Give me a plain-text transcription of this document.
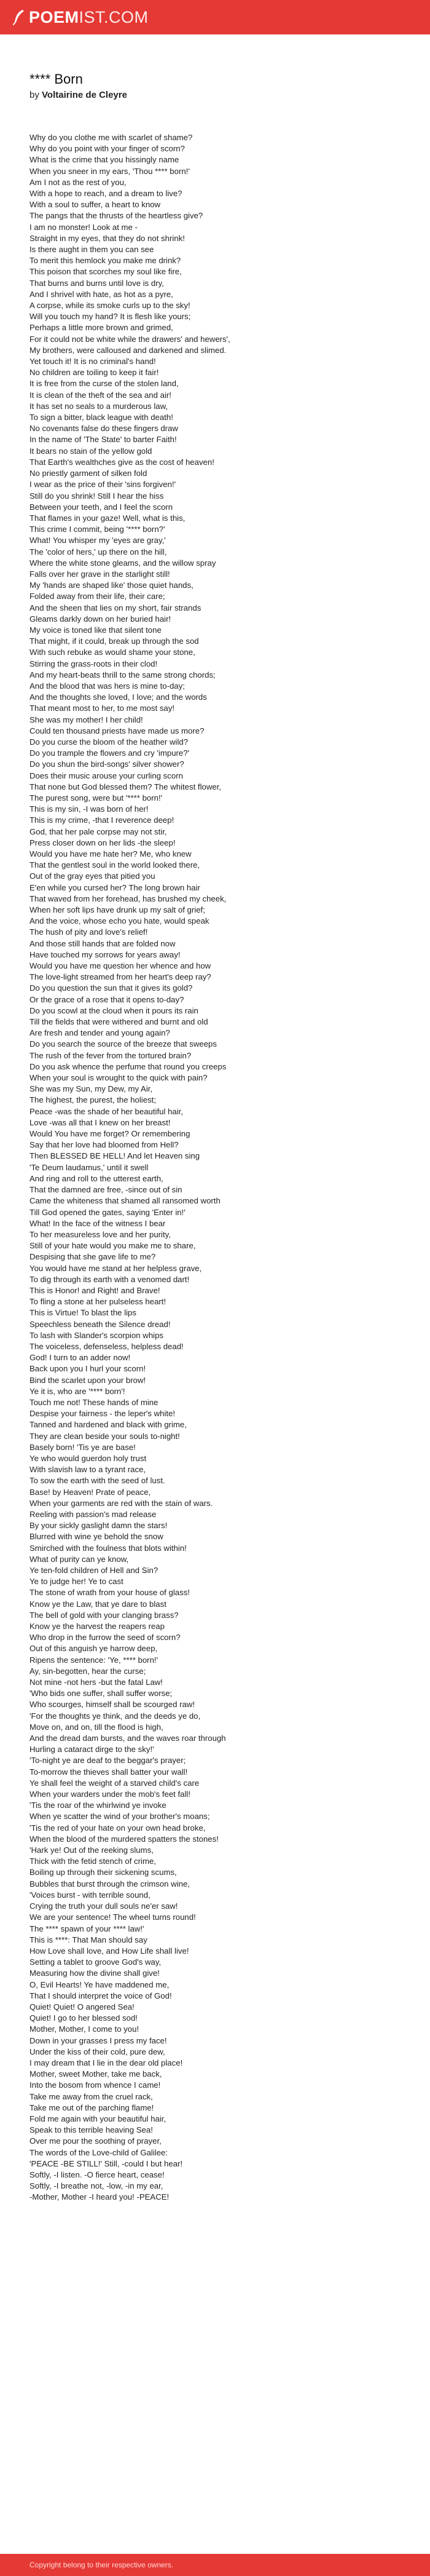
POEMIST.COM
**** Born
by Voltairine de Cleyre
Why do you clothe me with scarlet of shame?
Why do you point with your finger of scorn?
What is the crime that you hissingly name
When you sneer in my ears, 'Thou **** born!'
Am I not as the rest of you,
With a hope to reach, and a dream to live?
With a soul to suffer, a heart to know
The pangs that the thrusts of the heartless give?
I am no monster! Look at me -
Straight in my eyes, that they do not shrink!
Is there aught in them you can see
To merit this hemlock you make me drink?
This poison that scorches my soul like fire,
That burns and burns until love is dry,
And I shrivel with hate, as hot as a pyre,
A corpse, while its smoke curls up to the sky!
Will you touch my hand? It is flesh like yours;
Perhaps a little more brown and grimed,
For it could not be white while the drawers' and hewers',
My brothers, were calloused and darkened and slimed.
Yet touch it! It is no criminal's hand!
No children are toiling to keep it fair!
It is free from the curse of the stolen land,
It is clean of the theft of the sea and air!
It has set no seals to a murderous law,
To sign a bitter, black league with death!
No covenants false do these fingers draw
In the name of 'The State' to barter Faith!
It bears no stain of the yellow gold
That Earth's wealthches give as the cost of heaven!
No priestly garment of silken fold
I wear as the price of their 'sins forgiven!'
Still do you shrink! Still I hear the hiss
Between your teeth, and I feel the scorn
That flames in your gaze! Well, what is this,
This crime I commit, being '**** born?'
What! You whisper my 'eyes are gray,'
The 'color of hers,' up there on the hill,
Where the white stone gleams, and the willow spray
Falls over her grave in the starlight still!
My 'hands are shaped like' those quiet hands,
Folded away from their life, their care;
And the sheen that lies on my short, fair strands
Gleams darkly down on her buried hair!
My voice is toned like that silent tone
That might, if it could, break up through the sod
With such rebuke as would shame your stone,
Stirring the grass-roots in their clod!
And my heart-beats thrill to the same strong chords;
And the blood that was hers is mine to-day;
And the thoughts she loved, I love; and the words
That meant most to her, to me most say!
She was my mother! I her child!
Could ten thousand priests have made us more?
Do you curse the bloom of the heather wild?
Do you trample the flowers and cry 'impure?'
Do you shun the bird-songs' silver shower?
Does their music arouse your curling scorn
That none but God blessed them? The whitest flower,
The purest song, were but '**** born!'
This is my sin, -I was born of her!
This is my crime, -that I reverence deep!
God, that her pale corpse may not stir,
Press closer down on her lids -the sleep!
Would you have me hate her? Me, who knew
That the gentlest soul in the world looked there,
Out of the gray eyes that pitied you
E'en while you cursed her? The long brown hair
That waved from her forehead, has brushed my cheek,
When her soft lips have drunk up my salt of grief;
And the voice, whose echo you hate, would speak
The hush of pity and love's relief!
And those still hands that are folded now
Have touched my sorrows for years away!
Would you have me question her whence and how
The love-light streamed from her heart's deep ray?
Do you question the sun that it gives its gold?
Or the grace of a rose that it opens to-day?
Do you scowl at the cloud when it pours its rain
Till the fields that were withered and burnt and old
Are fresh and tender and young again?
Do you search the source of the breeze that sweeps
The rush of the fever from the tortured brain?
Do you ask whence the perfume that round you creeps
When your soul is wrought to the quick with pain?
She was my Sun, my Dew, my Air,
The highest, the purest, the holiest;
Peace -was the shade of her beautiful hair,
Love -was all that I knew on her breast!
Would You have me forget? Or remembering
Say that her love had bloomed from Hell?
Then BLESSED BE HELL! And let Heaven sing
'Te Deum laudamus,' until it swell
And ring and roll to the utterest earth,
That the damned are free, -since out of sin
Came the whiteness that shamed all ransomed worth
Till God opened the gates, saying 'Enter in!'
What! In the face of the witness I bear
To her measureless love and her purity,
Still of your hate would you make me to share,
Despising that she gave life to me?
You would have me stand at her helpless grave,
To dig through its earth with a venomed dart!
This is Honor! and Right! and Brave!
To fling a stone at her pulseless heart!
This is Virtue! To blast the lips
Speechless beneath the Silence dread!
To lash with Slander's scorpion whips
The voiceless, defenseless, helpless dead!
God! I turn to an adder now!
Back upon you I hurl your scorn!
Bind the scarlet upon your brow!
Ye it is, who are '**** born'!
Touch me not! These hands of mine
Despise your fairness - the leper's white!
Tanned and hardened and black with grime,
They are clean beside your souls to-night!
Basely born! 'Tis ye are base!
Ye who would guerdon holy trust
With slavish law to a tyrant race,
To sow the earth with the seed of lust.
Base! by Heaven! Prate of peace,
When your garments are red with the stain of wars.
Reeling with passion's mad release
By your sickly gaslight damn the stars!
Blurred with wine ye behold the snow
Smirched with the foulness that blots within!
What of purity can ye know,
Ye ten-fold children of Hell and Sin?
Ye to judge her! Ye to cast
The stone of wrath from your house of glass!
Know ye the Law, that ye dare to blast
The bell of gold with your clanging brass?
Know ye the harvest the reapers reap
Who drop in the furrow the seed of scorn?
Out of this anguish ye harrow deep,
Ripens the sentence: 'Ye, **** born!'
Ay, sin-begotten, hear the curse;
Not mine -not hers -but the fatal Law!
'Who bids one suffer, shall suffer worse;
Who scourges, himself shall be scourged raw!
'For the thoughts ye think, and the deeds ye do,
Move on, and on, till the flood is high,
And the dread dam bursts, and the waves roar through
Hurling a cataract dirge to the sky!'
'To-night ye are deaf to the beggar's prayer;
To-morrow the thieves shall batter your wall!
Ye shall feel the weight of a starved child's care
When your warders under the mob's feet fall!
'Tis the roar of the whirlwind ye invoke
When ye scatter the wind of your brother's moans;
'Tis the red of your hate on your own head broke,
When the blood of the murdered spatters the stones!
'Hark ye! Out of the reeking slums,
Thick with the fetid stench of crime,
Boiling up through their sickening scums,
Bubbles that burst through the crimson wine,
'Voices burst - with terrible sound,
Crying the truth your dull souls ne'er saw!
We are your sentence! The wheel turns round!
The **** spawn of your **** law!'
This is ****: That Man should say
How Love shall love, and How Life shall live!
Setting a tablet to groove God's way,
Measuring how the divine shall give!
O, Evil Hearts! Ye have maddened me,
That I should interpret the voice of God!
Quiet! Quiet! O angered Sea!
Quiet! I go to her blessed sod!
Mother, Mother, I come to you!
Down in your grasses I press my face!
Under the kiss of their cold, pure dew,
I may dream that I lie in the dear old place!
Mother, sweet Mother, take me back,
Into the bosom from whence I came!
Take me away from the cruel rack,
Take me out of the parching flame!
Fold me again with your beautiful hair,
Speak to this terrible heaving Sea!
Over me pour the soothing of prayer,
The words of the Love-child of Galilee:
'PEACE -BE STILL!' Still, -could I but hear!
Softly, -I listen. -O fierce heart, cease!
Softly, -I breathe not, -low, -in my ear,
-Mother, Mother -I heard you! -PEACE!
Copyright belong to their respective owners.
